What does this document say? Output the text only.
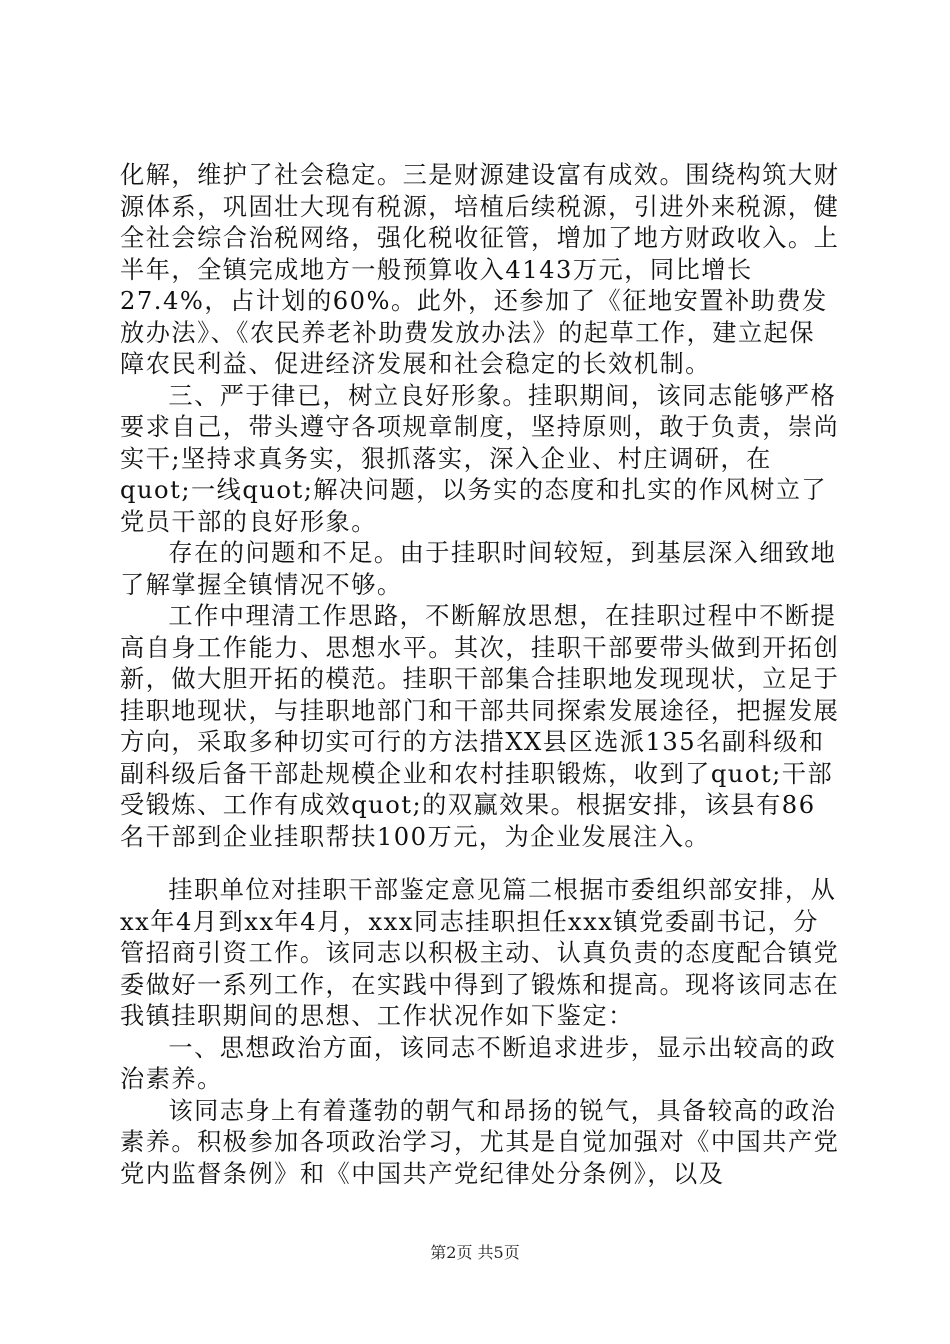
化解，维护了社会稳定。三是财源建设富有成效。围绕构筑大财源体系，巩固壮大现有税源，培植后续税源，引进外来税源，健全社会综合治税网络，强化税收征管，增加了地方财政收入。上半年，全镇完成地方一般预算收入4143万元，同比增长27.4%，占计划的60%。此外，还参加了《征地安置补助费发放办法》、《农民养老补助费发放办法》的起草工作，建立起保障农民利益、促进经济发展和社会稳定的长效机制。

三、严于律已，树立良好形象。挂职期间，该同志能够严格要求自己，带头遵守各项规章制度，坚持原则，敢于负责，崇尚实干;坚持求真务实，狠抓落实，深入企业、村庄调研，在quot;一线quot;解决问题，以务实的态度和扎实的作风树立了党员干部的良好形象。

存在的问题和不足。由于挂职时间较短，到基层深入细致地了解掌握全镇情况不够。

工作中理清工作思路，不断解放思想，在挂职过程中不断提高自身工作能力、思想水平。其次，挂职干部要带头做到开拓创新，做大胆开拓的模范。挂职干部集合挂职地发现现状，立足于挂职地现状，与挂职地部门和干部共同探索发展途径，把握发展方向，采取多种切实可行的方法措XX县区选派135名副科级和副科级后备干部赴规模企业和农村挂职锻炼，收到了quot;干部受锻炼、工作有成效quot;的双赢效果。根据安排，该县有86名干部到企业挂职帮扶100万元，为企业发展注入。

挂职单位对挂职干部鉴定意见篇二根据市委组织部安排，从xx年4月到xx年4月，xxx同志挂职担任xxx镇党委副书记，分管招商引资工作。该同志以积极主动、认真负责的态度配合镇党委做好一系列工作，在实践中得到了锻炼和提高。现将该同志在我镇挂职期间的思想、工作状况作如下鉴定：

一、思想政治方面，该同志不断追求进步，显示出较高的政治素养。

该同志身上有着蓬勃的朝气和昂扬的锐气，具备较高的政治素养。积极参加各项政治学习，尤其是自觉加强对《中国共产党党内监督条例》和《中国共产党纪律处分条例》，以及

第2页 共5页
